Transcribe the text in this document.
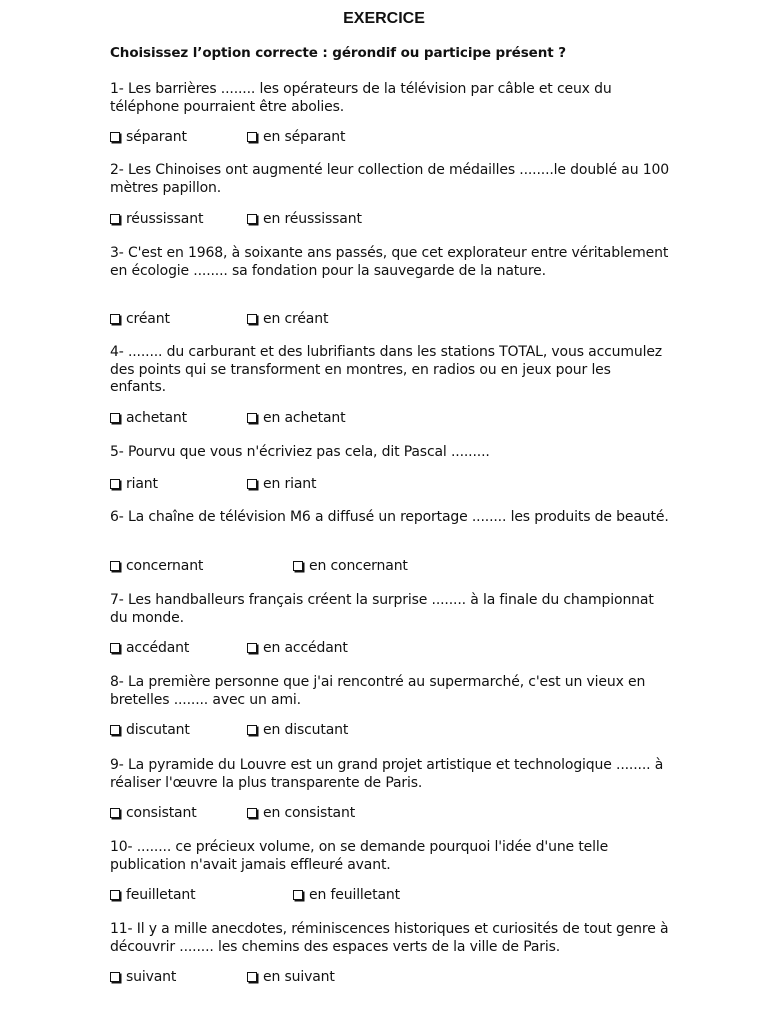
EXERCICE
Choisissez l’option correcte : gérondif ou participe présent ?
1- Les barrières ........ les opérateurs de la télévision par câble et ceux du téléphone pourraient être abolies.
séparant	en séparant
2- Les Chinoises ont augmenté leur collection de médailles ........le doublé au 100 mètres papillon.
réussissant	en réussissant
3- C'est en 1968, à soixante ans passés, que cet explorateur entre véritablement en écologie ........ sa fondation pour la sauvegarde de la nature.
créant	en créant
4- ........ du carburant et des lubrifiants dans les stations TOTAL, vous accumulez des points qui se transforment en montres, en radios ou en jeux pour les enfants.
achetant	en achetant
5- Pourvu que vous n'écriviez pas cela, dit Pascal .........
riant	en riant
6- La chaîne de télévision M6 a diffusé un reportage ........ les produits de beauté.
concernant	en concernant
7- Les handballeurs français créent la surprise ........ à la finale du championnat du monde.
accédant	en accédant
8- La première personne que j'ai rencontré au supermarché, c'est un vieux en bretelles ........ avec un ami.
discutant	en discutant
9- La pyramide du Louvre est un grand projet artistique et technologique ........ à réaliser l'œuvre la plus transparente de Paris.
consistant	en consistant
10- ........ ce précieux volume, on se demande pourquoi l'idée d'une telle publication n'avait jamais effleuré avant.
feuilletant	en feuilletant
11- Il y a mille anecdotes, réminiscences historiques et curiosités de tout genre à découvrir ........ les chemins des espaces verts de la ville de Paris.
suivant	en suivant
